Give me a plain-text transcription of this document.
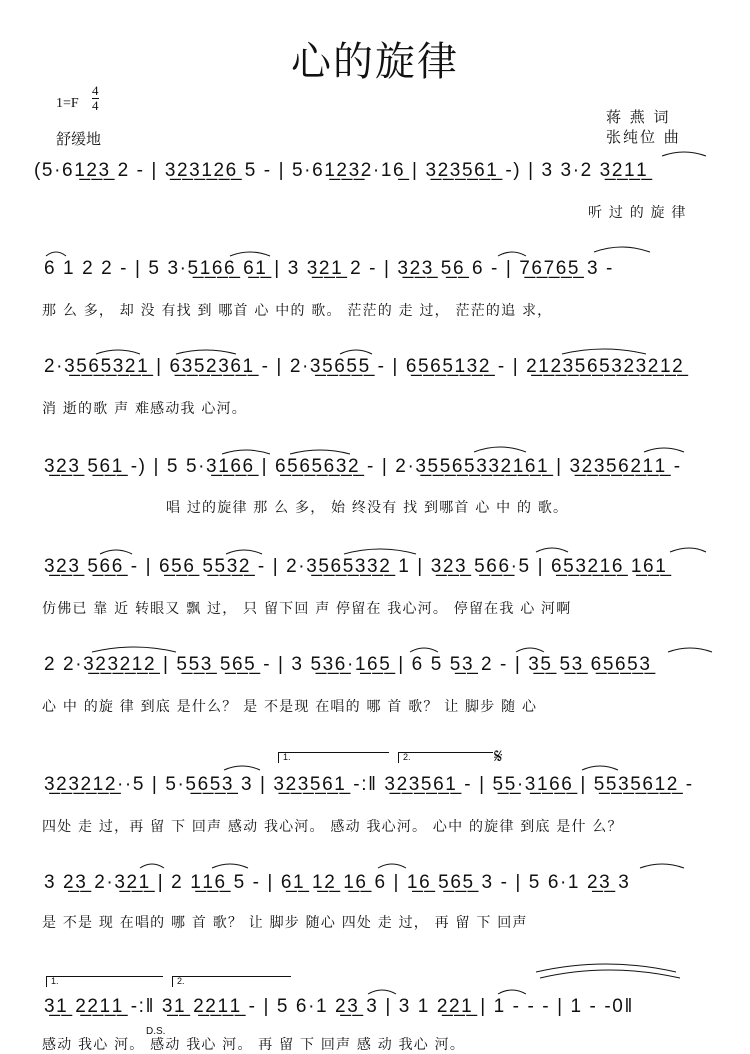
心的旋律
1=F
4
4
舒缓地
蒋 燕 词
张纯位 曲
(5·61̲2̲3̲ 2 - | 3̲2̲3̲1̲2̲6̲ 5 - | 5·61̲2̲3̲2·16̲ | 3̲2̲3̲5̲6̲1̲ -) | 3 3·2 3̲2̲1̲1̲
听 过 的 旋 律
6 1 2 2 - | 5 3·5̲1̲6̲6̲ 6̲1̲ | 3 3̲2̲1̲ 2 - | 3̲2̲3̲ 5̲6̲ 6 - | 7̲6̲7̲6̲5̲ 3 -
那 么 多， 却 没 有找 到 哪首 心 中的 歌。 茫茫的 走 过， 茫茫的追 求，
2·3̲5̲6̲5̲3̲2̲1̲ | 6̲3̲5̲2̲3̲6̲1̲ - | 2·3̲5̲6̲5̲5̲ - | 6̲5̲6̲5̲1̲3̲2̲ - | 2̲1̲2̲3̲5̲6̲5̲3̲2̲3̲2̲1̲2̲
消 逝的歌 声 难感动我 心河。
3̲2̲3̲ 5̲6̲1̲ -) | 5 5·3̲1̲6̲6̲ | 6̲5̲6̲5̲6̲3̲2̲ - | 2·3̲5̲5̲6̲5̲3̲3̲2̲1̲6̲1̲ | 3̲2̲3̲5̲6̲2̲1̲1̲ -
唱 过的旋律 那 么 多， 始 终没有 找 到哪首 心 中 的 歌。
3̲2̲3̲ 5̲6̲6̲ - | 6̲5̲6̲ 5̲5̲3̲2̲ - | 2·3̲5̲6̲5̲3̲3̲2̲ 1 | 3̲2̲3̲ 5̲6̲6̲·5 | 6̲5̲3̲2̲1̲6̲ 1̲6̲1̲
仿佛已 靠 近 转眼又 飘 过， 只 留下回 声 停留在 我心河。 停留在我 心 河啊
2 2·3̲2̲3̲2̲1̲2̲ | 5̲5̲3̲ 5̲6̲5̲ - | 3 5̲3̲6̲·1̲6̲5̲ | 6 5 5̲3̲ 2 - | 3̲5̲ 5̲3̲ 6̲5̲6̲5̲3̲
心 中 的旋 律 到底 是什么？ 是 不是现 在唱的 哪 首 歌？ 让 脚步 随 心
1.	2.	𝄋
3̲2̲3̲2̲1̲2̲··5 | 5·5̲6̲5̲3̲ 3 | 3̲2̲3̲5̲6̲1̲ -:‖ 3̲2̲3̲5̲6̲1̲ - | 5̲5̲·3̲1̲6̲6̲ | 5̲5̲3̲5̲6̲1̲2̲ -
四处 走 过，再 留 下 回声 感动 我心河。 感动 我心河。 心中 的旋律 到底 是什 么？
3 2̲3̲ 2·3̲2̲1̲ | 2 1̲1̲6̲ 5 - | 6̲1̲ 1̲2̲ 1̲6̲ 6 | 1̲6̲ 5̲6̲5̲ 3 - | 5 6·1 2̲3̲ 3
是 不是 现 在唱的 哪 首 歌？ 让 脚步 随心 四处 走 过， 再 留 下 回声
1.	2.
3̲1̲ 2̲2̲1̲1̲ -:‖ 3̲1̲ 2̲2̲1̲1̲ - | 5 6·1 2̲3̲ 3 | 3 1 2̲2̲1̲ | 1 - - - | 1 - -0‖
D.S.
感动 我心 河。 感动 我心 河。 再 留 下 回声 感 动 我心 河。
